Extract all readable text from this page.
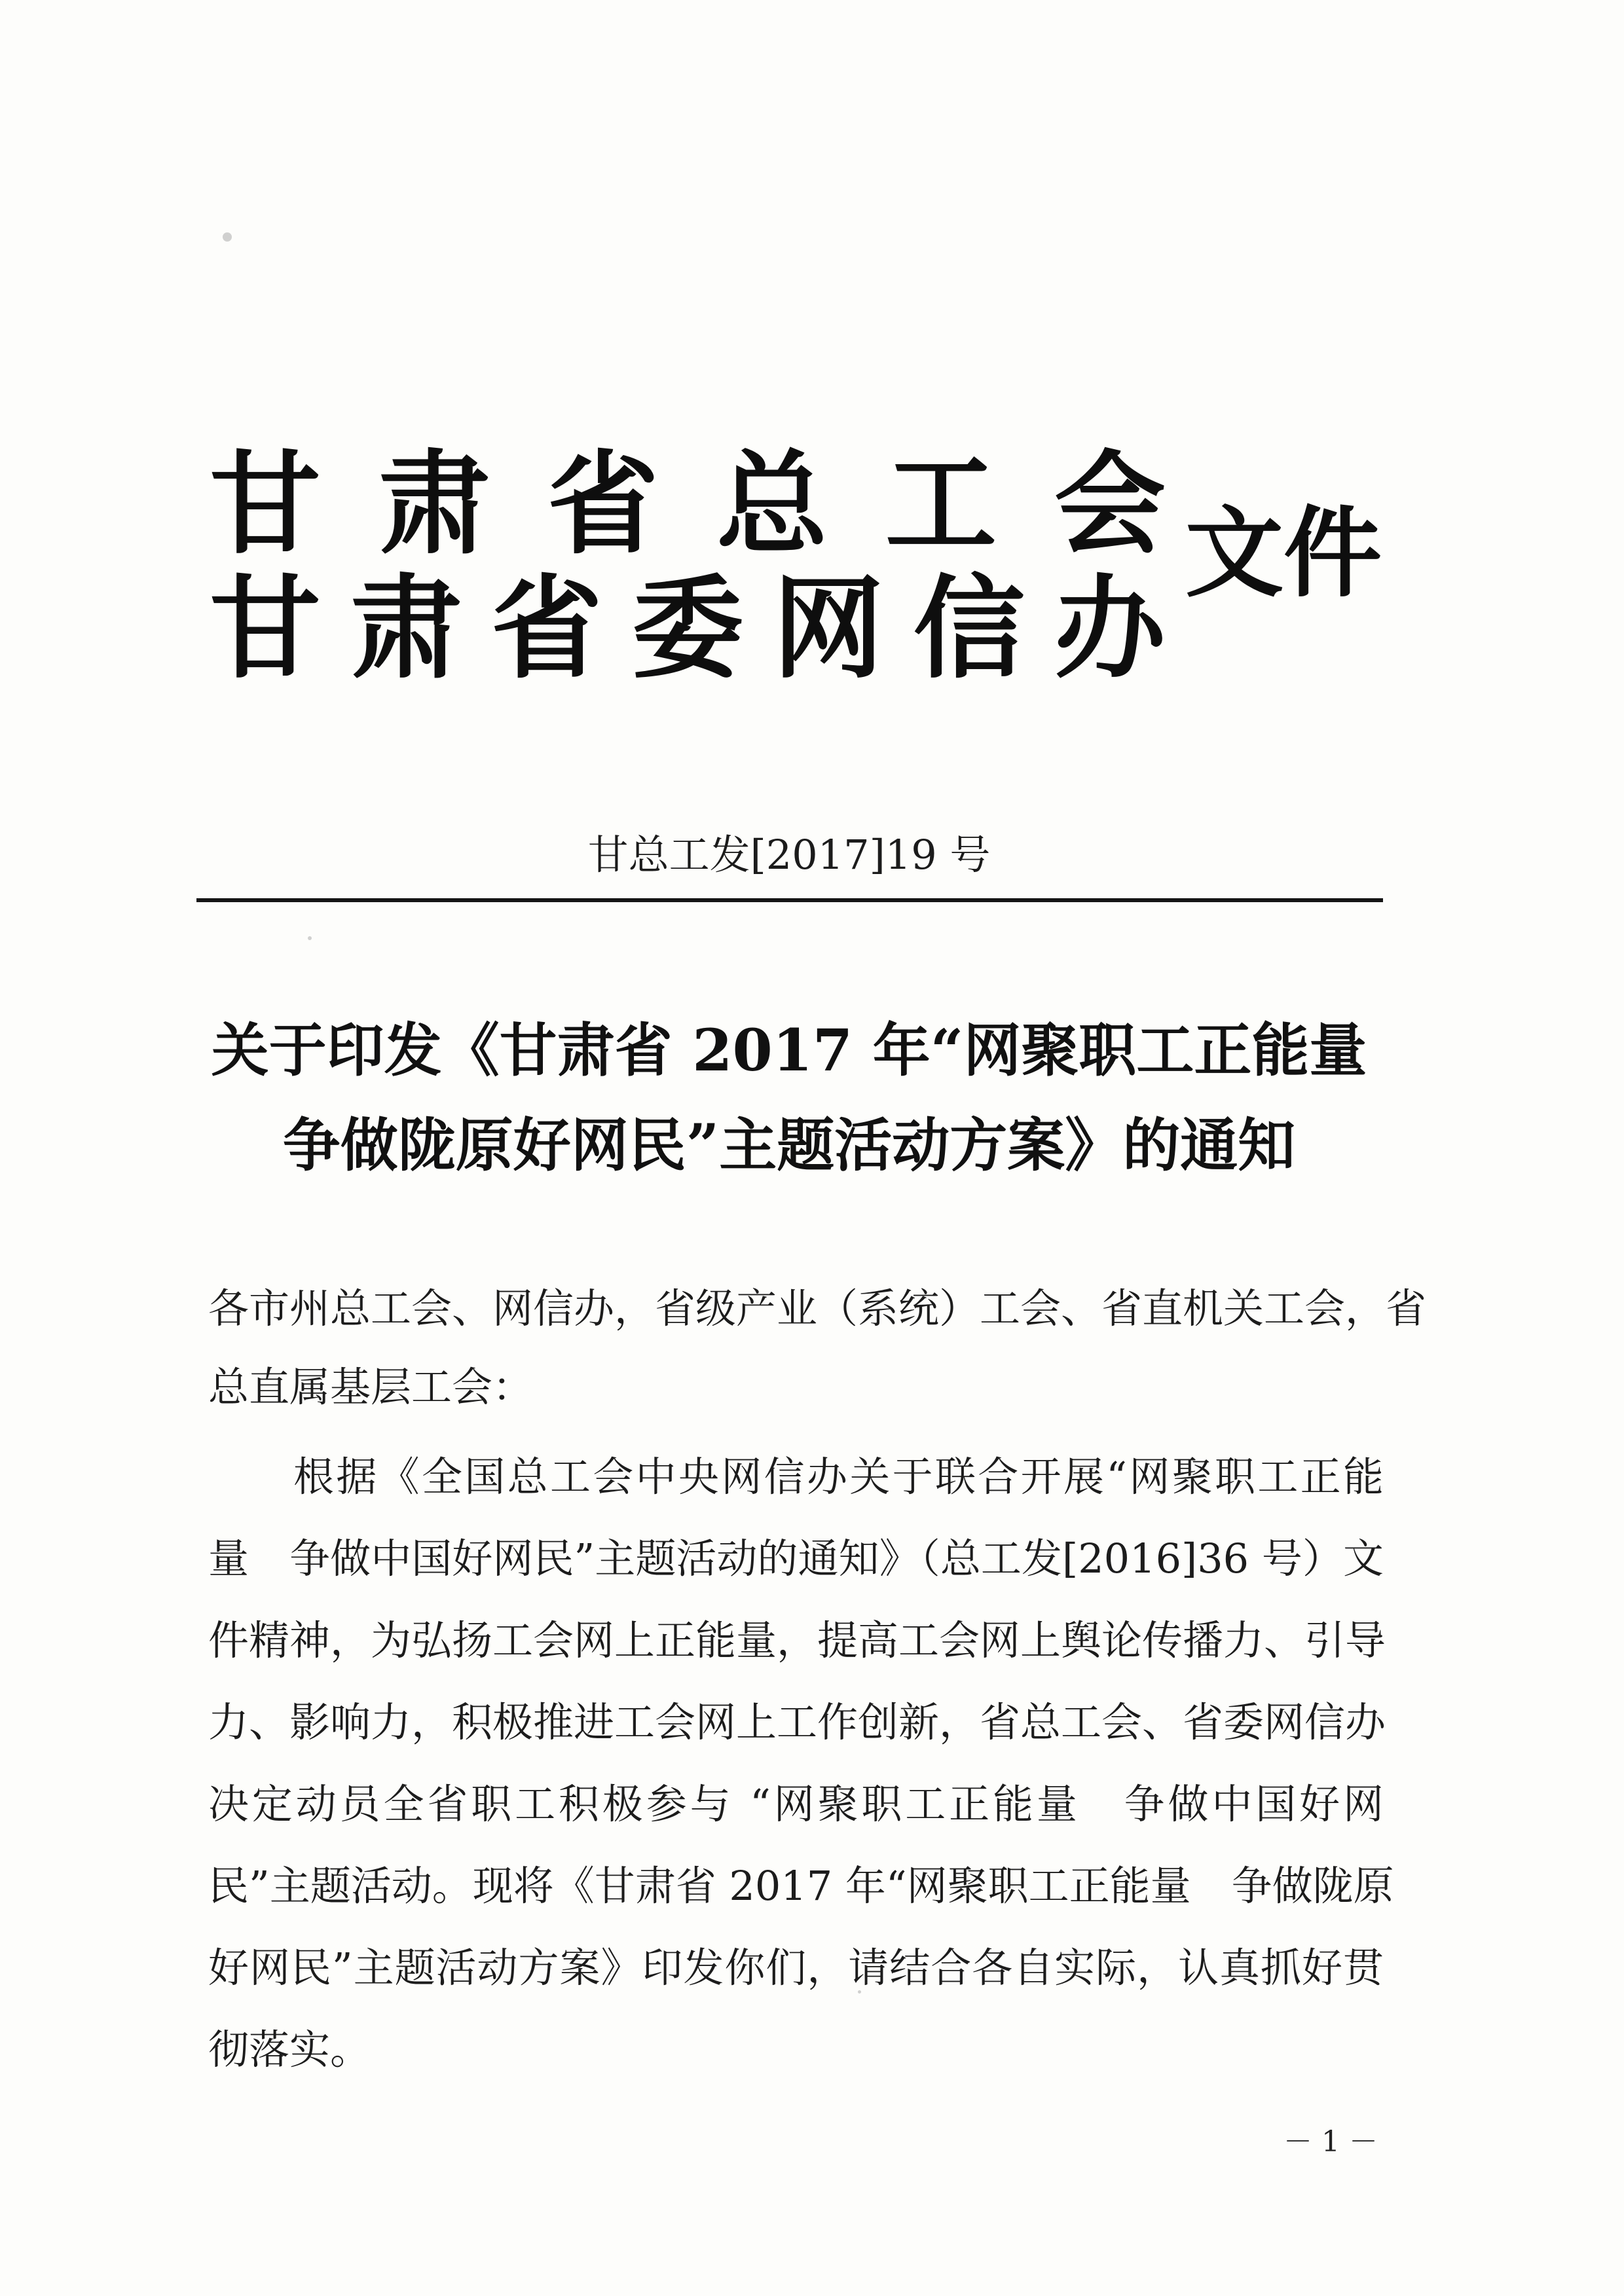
甘 肃 省 总 工 会
甘 肃 省 委 网 信 办
文件
甘总工发[2017]19 号
关于印发《甘肃省 2017 年“网聚职工正能量
争做陇原好网民”主题活动方案》的通知
各市州总工会、网信办，省级产业（系统）工会、省直机关工会，省
总直属基层工会：
根据《全国总工会中央网信办关于联合开展“网聚职工正能
量　争做中国好网民”主题活动的通知》（总工发[2016]36 号）文
件精神，为弘扬工会网上正能量，提高工会网上舆论传播力、引导
力、影响力，积极推进工会网上工作创新，省总工会、省委网信办
决定动员全省职工积极参与 “网聚职工正能量　争做中国好网
民”主题活动。现将《甘肃省 2017 年“网聚职工正能量　争做陇原
好网民”主题活动方案》印发你们，请结合各自实际，认真抓好贯
彻落实。
－ 1 －
